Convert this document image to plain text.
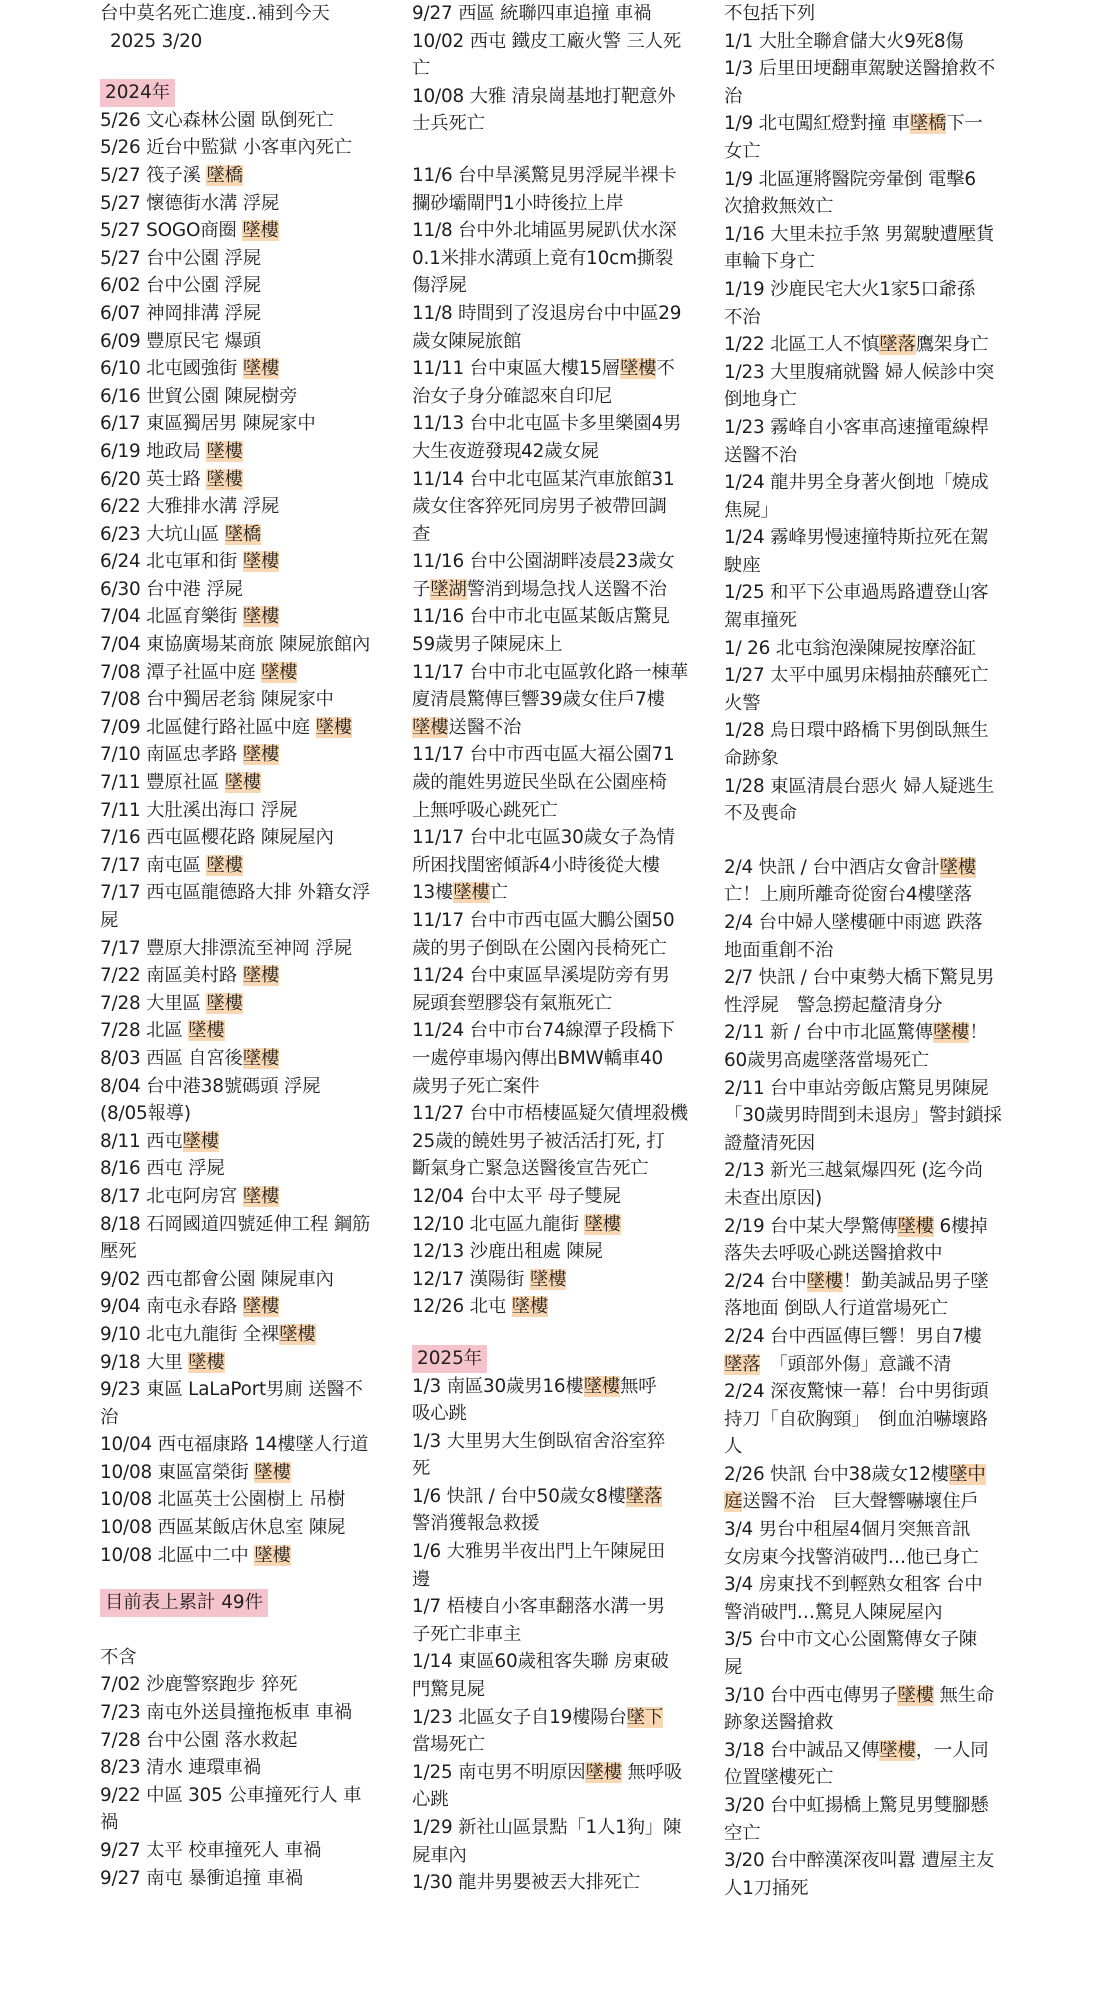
台中莫名死亡進度..補到今天
2025 3/20
2024年
5/26 文心森林公園 臥倒死亡
5/26 近台中監獄 小客車內死亡
5/27 筏子溪 墜橋
5/27 懷德街水溝 浮屍
5/27 SOGO商圈 墜樓
5/27 台中公園 浮屍
6/02 台中公園 浮屍
6/07 神岡排溝 浮屍
6/09 豐原民宅 爆頭
6/10 北屯國強街 墜樓
6/16 世貿公園 陳屍樹旁
6/17 東區獨居男 陳屍家中
6/19 地政局 墜樓
6/20 英士路 墜樓
6/22 大雅排水溝 浮屍
6/23 大坑山區 墜橋
6/24 北屯軍和街 墜樓
6/30 台中港 浮屍
7/04 北區育樂街 墜樓
7/04 東協廣場某商旅 陳屍旅館內
7/08 潭子社區中庭 墜樓
7/08 台中獨居老翁 陳屍家中
7/09 北區健行路社區中庭 墜樓
7/10 南區忠孝路 墜樓
7/11 豐原社區 墜樓
7/11 大肚溪出海口 浮屍
7/16 西屯區櫻花路 陳屍屋內
7/17 南屯區 墜樓
7/17 西屯區龍德路大排 外籍女浮
屍
7/17 豐原大排漂流至神岡 浮屍
7/22 南區美村路 墜樓
7/28 大里區 墜樓
7/28 北區 墜樓
8/03 西區 自宮後墜樓
8/04 台中港38號碼頭 浮屍
(8/05報導)
8/11 西屯墜樓
8/16 西屯 浮屍
8/17 北屯阿房宮 墜樓
8/18 石岡國道四號延伸工程 鋼筋
壓死
9/02 西屯都會公園 陳屍車內
9/04 南屯永春路 墜樓
9/10 北屯九龍街 全裸墜樓
9/18 大里 墜樓
9/23 東區 LaLaPort男廁 送醫不
治
10/04 西屯福康路 14樓墜人行道
10/08 東區富榮街 墜樓
10/08 北區英士公園樹上 吊樹
10/08 西區某飯店休息室 陳屍
10/08 北區中二中 墜樓
目前表上累計 49件
不含
7/02 沙鹿警察跑步 猝死
7/23 南屯外送員撞拖板車 車禍
7/28 台中公園 落水救起
8/23 清水 連環車禍
9/22 中區 305 公車撞死行人 車
禍
9/27 太平 校車撞死人 車禍
9/27 南屯 暴衝追撞 車禍
9/27 西區 統聯四車追撞 車禍
10/02 西屯 鐵皮工廠火警 三人死
亡
10/08 大雅 清泉崗基地打靶意外
士兵死亡
11/6 台中旱溪驚見男浮屍半裸卡
攔砂壩閘門1小時後拉上岸
11/8 台中外北埔區男屍趴伏水深
0.1米排水溝頭上竟有10cm撕裂
傷浮屍
11/8 時間到了沒退房台中中區29
歲女陳屍旅館
11/11 台中東區大樓15層墜樓不
治女子身分確認來自印尼
11/13 台中北屯區卡多里樂園4男
大生夜遊發現42歲女屍
11/14 台中北屯區某汽車旅館31
歲女住客猝死同房男子被帶回調
查
11/16 台中公園湖畔凌晨23歲女
子墜湖警消到場急找人送醫不治
11/16 台中市北屯區某飯店驚見
59歲男子陳屍床上
11/17 台中市北屯區敦化路一棟華
廈清晨驚傳巨響39歲女住戶7樓
墜樓送醫不治
11/17 台中市西屯區大福公園71
歲的龍姓男遊民坐臥在公園座椅
上無呼吸心跳死亡
11/17 台中北屯區30歲女子為情
所困找閨密傾訴4小時後從大樓
13樓墜樓亡
11/17 台中市西屯區大鵬公園50
歲的男子倒臥在公園內長椅死亡
11/24 台中東區旱溪堤防旁有男
屍頭套塑膠袋有氣瓶死亡
11/24 台中市台74線潭子段橋下
一處停車場內傳出BMW轎車40
歲男子死亡案件
11/27 台中市梧棲區疑欠債埋殺機
25歲的饒姓男子被活活打死, 打
斷氣身亡緊急送醫後宣告死亡
12/04 台中太平 母子雙屍
12/10 北屯區九龍街 墜樓
12/13 沙鹿出租處 陳屍
12/17 漢陽街 墜樓
12/26 北屯 墜樓
2025年
1/3 南區30歲男16樓墜樓無呼
吸心跳
1/3 大里男大生倒臥宿舍浴室猝
死
1/6 快訊 / 台中50歲女8樓墜落
警消獲報急救援
1/6 大雅男半夜出門上午陳屍田
邊
1/7 梧棲自小客車翻落水溝一男
子死亡非車主
1/14 東區60歲租客失聯 房東破
門驚見屍
1/23 北區女子自19樓陽台墜下
當場死亡
1/25 南屯男不明原因墜樓 無呼吸
心跳
1/29 新社山區景點「1人1狗」陳
屍車內
1/30 龍井男嬰被丟大排死亡
不包括下列
1/1 大肚全聯倉儲大火9死8傷
1/3 后里田埂翻車駕駛送醫搶救不
治
1/9 北屯闖紅燈對撞 車墜橋下一
女亡
1/9 北區運將醫院旁暈倒 電擊6
次搶救無效亡
1/16 大里未拉手煞 男駕駛遭壓貨
車輪下身亡
1/19 沙鹿民宅大火1家5口爺孫
不治
1/22 北區工人不慎墜落鷹架身亡
1/23 大里腹痛就醫 婦人候診中突
倒地身亡
1/23 霧峰自小客車高速撞電線桿
送醫不治
1/24 龍井男全身著火倒地「燒成
焦屍」
1/24 霧峰男慢速撞特斯拉死在駕
駛座
1/25 和平下公車過馬路遭登山客
駕車撞死
1/ 26 北屯翁泡澡陳屍按摩浴缸
1/27 太平中風男床榻抽菸釀死亡
火警
1/28 烏日環中路橋下男倒臥無生
命跡象
1/28 東區清晨台惡火 婦人疑逃生
不及喪命
2/4 快訊 / 台中酒店女會計墜樓
亡！上廁所離奇從窗台4樓墜落
2/4 台中婦人墜樓砸中雨遮 跌落
地面重創不治
2/7 快訊 / 台中東勢大橋下驚見男
性浮屍　警急撈起釐清身分
2/11 新 / 台中市北區驚傳墜樓！
60歲男高處墜落當場死亡
2/11 台中車站旁飯店驚見男陳屍
「30歲男時間到未退房」警封鎖採
證釐清死因
2/13 新光三越氣爆四死 (迄今尚
未查出原因)
2/19 台中某大學驚傳墜樓 6樓掉
落失去呼吸心跳送醫搶救中
2/24 台中墜樓！勤美誠品男子墜
落地面 倒臥人行道當場死亡
2/24 台中西區傳巨響！男自7樓
墜落　「頭部外傷」意識不清
2/24 深夜驚悚一幕！台中男街頭
持刀「自砍胸頸」　倒血泊嚇壞路
人
2/26 快訊 台中38歲女12樓墜中
庭送醫不治　巨大聲響嚇壞住戶
3/4 男台中租屋4個月突無音訊
女房東今找警消破門…他已身亡
3/4 房東找不到輕熟女租客 台中
警消破門…驚見人陳屍屋內
3/5 台中市文心公園驚傳女子陳
屍
3/10 台中西屯傳男子墜樓 無生命
跡象送醫搶救
3/18 台中誠品又傳墜樓，一人同
位置墜樓死亡
3/20 台中虹揚橋上驚見男雙腳懸
空亡
3/20 台中醉漢深夜叫囂 遭屋主友
人1刀捅死
